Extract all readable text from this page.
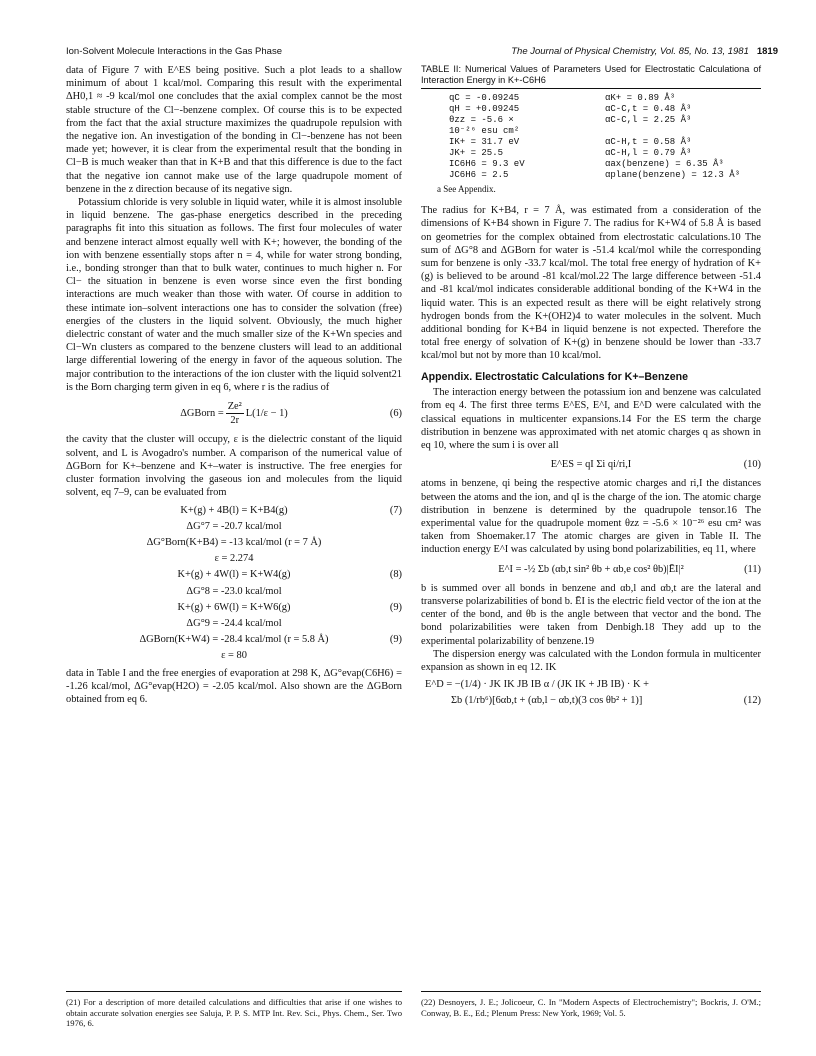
Ion-Solvent Molecule Interactions in the Gas Phase	The Journal of Physical Chemistry, Vol. 85, No. 13, 1981 1819

data of Figure 7 with E^ES being positive. Such a plot leads to a shallow minimum of about 1 kcal/mol. Comparing this result with the experimental ΔH0,1 ≈ -9 kcal/mol one concludes that the axial complex cannot be the most stable structure of the Cl−-benzene complex. Of course this is to be expected from the fact that the axial structure maximizes the quadrupole repulsion with the negative ion. An investigation of the bonding in Cl−-benzene has not been made yet; however, it is clear from the experimental result that the bonding in Cl−B is much weaker than that in K+B and that this difference is due to the fact that the negative ion cannot make use of the large quadrupole moment of benzene in the z direction because of its negative sign.

Potassium chloride is very soluble in liquid water, while it is almost insoluble in liquid benzene. The gas-phase energetics described in the preceding paragraphs fit into this situation as follows. The first four molecules of water and benzene interact almost equally well with K+; however, the bonding of the ion with benzene essentially stops after n = 4, while for water strong bonding, i.e., bonding stronger than that to bulk water, continues to much higher n. For Cl− the situation in benzene is even worse since even the first bonding interactions are much weaker than those with water. Of course in addition to these intimate ion–solvent interactions one has to consider the solvation (free) energies of the clusters in the liquid solvent. Obviously, the much higher dielectric constant of water and the much smaller size of the K+Wn species and Cl−Wn clusters as compared to the benzene clusters will lead to an additional large differential lowering of the energy in favor of the aqueous solution. The major contribution to the interactions of the ion cluster with the liquid solvent21 is the Born charging term given in eq 6, where r is the radius of

ΔGBorn = $\frac{\text{Ze²}}{2r} L(1/\varepsilon - 1)$	(6)

the cavity that the cluster will occupy, ε is the dielectric constant of the liquid solvent, and L is Avogadro's number. A comparison of the numerical value of ΔGBorn for K+–benzene and K+–water is instructive. The free energies for cluster formation involving the gaseous ion and molecules from the liquid solvent, eq 7–9, can be evaluated from

K+(g) + 4B(l) = K+B4(g)	(7)
ΔG°7 = -20.7 kcal/mol
ΔG°Born(K+B4) = -13 kcal/mol (r = 7 Å)
ε = 2.274
K+(g) + 4W(l) = K+W4(g)	(8)
ΔG°8 = -23.0 kcal/mol
K+(g) + 6W(l) = K+W6(g)	(9)
ΔG°9 = -24.4 kcal/mol
ΔGBorn(K+W4) = -28.4 kcal/mol (r = 5.8 Å)	(9)
ε = 80

data in Table I and the free energies of evaporation at 298 K, ΔG°evap(C6H6) = -1.26 kcal/mol, ΔG°evap(H2O) = -2.05 kcal/mol. Also shown are the ΔGBorn obtained from eq 6.

TABLE II: Numerical Values of Parameters Used for Electrostatic Calculationa of Interaction Energy in K+-C6H6
qC = -0.09245	αK+ = 0.89 Å³
qH = +0.09245	αC-C,t = 0.48 Å³
θzz = -5.6 ×	αC-C,l = 2.25 Å³
10⁻²⁶ esu cm²
IK+ = 31.7 eV	αC-H,t = 0.58 Å³
JK+ = 25.5	αC-H,l = 0.79 Å³
IC6H6 = 9.3 eV	αax(benzene) = 6.35 Å³
JC6H6 = 2.5	αplane(benzene) = 12.3 Å³
a See Appendix.

The radius for K+B4, r = 7 Å, was estimated from a consideration of the dimensions of K+B4 shown in Figure 7. The radius for K+W4 of 5.8 Å is based on geometries for the complex obtained from electrostatic calculations.10 The sum of ΔG°8 and ΔGBorn for water is -51.4 kcal/mol while the corresponding sum for benzene is only -33.7 kcal/mol. The total free energy of hydration of K+(g) is believed to be around -81 kcal/mol.22 The large difference between -51.4 and -81 kcal/mol indicates considerable additional bonding of the K+W4 in the liquid water. This is an expected result as there will be eight relatively strong hydrogen bonds from the K+(OH2)4 to water molecules in the solvent. Much additional bonding for K+B4 in liquid benzene is not expected. Therefore the total free energy of solvation of K+(g) in benzene should be lower than -33.7 kcal/mol but not by more than 10 kcal/mol.

Appendix. Electrostatic Calculations for K+–Benzene

The interaction energy between the potassium ion and benzene was calculated from eq 4. The first three terms E^ES, E^I, and E^D were calculated with the classical equations in multicenter expansions.14 For the ES term the charge distribution in benzene was approximated with net atomic charges q as shown in eq 10, where the sum i is over all

E^ES = qI Σi qi/ri,I	(10)

atoms in benzene, qi being the respective atomic charges and ri,I the distances between the atoms and the ion, and qI is the charge of the ion. The atomic charge distribution in benzene is determined by the quadrupole tensor.16 The experimental value for the quadrupole moment θzz = -5.6 × 10⁻²⁶ esu cm² was taken from Shoemaker.17 The atomic charges are given in Table II. The induction energy E^I was calculated by using bond polarizabilities, eq 11, where

E^I = -½ Σb (αb,t sin² θb + αb,e cos² θb)|ĒI|²	(11)

b is summed over all bonds in benzene and αb,l and αb,t are the lateral and transverse polarizabilities of bond b. ĒI is the electric field vector of the ion at the center of the bond, and θb is the angle between that vector and the bond. The bond polarizabilities were taken from Denbigh.18 They add up to the experimental polarizability of benzene.19

The dispersion energy was calculated with the London formula in multicenter expansion as shown in eq 12. IK

E^D = −(1/4) · JK IK JB IB α / (JK IK + JB IB) · K +
Σb (1/rb⁶)[6αb,t + (αb,l − αb,t)(3 cos θb² + 1)]	(12)
(21) For a description of more detailed calculations and difficulties that arise if one wishes to obtain accurate solvation energies see Saluja, P. P. S. MTP Int. Rev. Sci., Phys. Chem., Ser. Two 1976, 6.
(22) Desnoyers, J. E.; Jolicoeur, C. In "Modern Aspects of Electrochemistry"; Bockris, J. O'M.; Conway, B. E., Ed.; Plenum Press: New York, 1969; Vol. 5.
